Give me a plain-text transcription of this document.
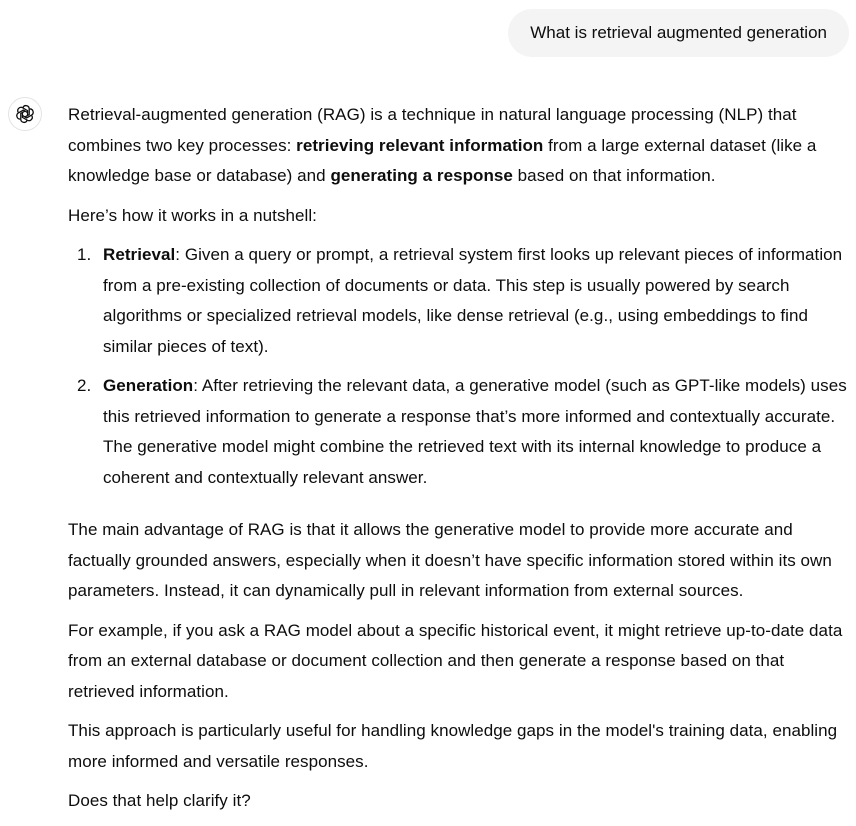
What is retrieval augmented generation

Retrieval-augmented generation (RAG) is a technique in natural language processing (NLP) that combines two key processes: retrieving relevant information from a large external dataset (like a knowledge base or database) and generating a response based on that information.

Here’s how it works in a nutshell:

1. Retrieval: Given a query or prompt, a retrieval system first looks up relevant pieces of information from a pre-existing collection of documents or data. This step is usually powered by search algorithms or specialized retrieval models, like dense retrieval (e.g., using embeddings to find similar pieces of text).
2. Generation: After retrieving the relevant data, a generative model (such as GPT-like models) uses this retrieved information to generate a response that’s more informed and contextually accurate. The generative model might combine the retrieved text with its internal knowledge to produce a coherent and contextually relevant answer.

The main advantage of RAG is that it allows the generative model to provide more accurate and factually grounded answers, especially when it doesn’t have specific information stored within its own parameters. Instead, it can dynamically pull in relevant information from external sources.

For example, if you ask a RAG model about a specific historical event, it might retrieve up-to-date data from an external database or document collection and then generate a response based on that retrieved information.

This approach is particularly useful for handling knowledge gaps in the model's training data, enabling more informed and versatile responses.

Does that help clarify it?
